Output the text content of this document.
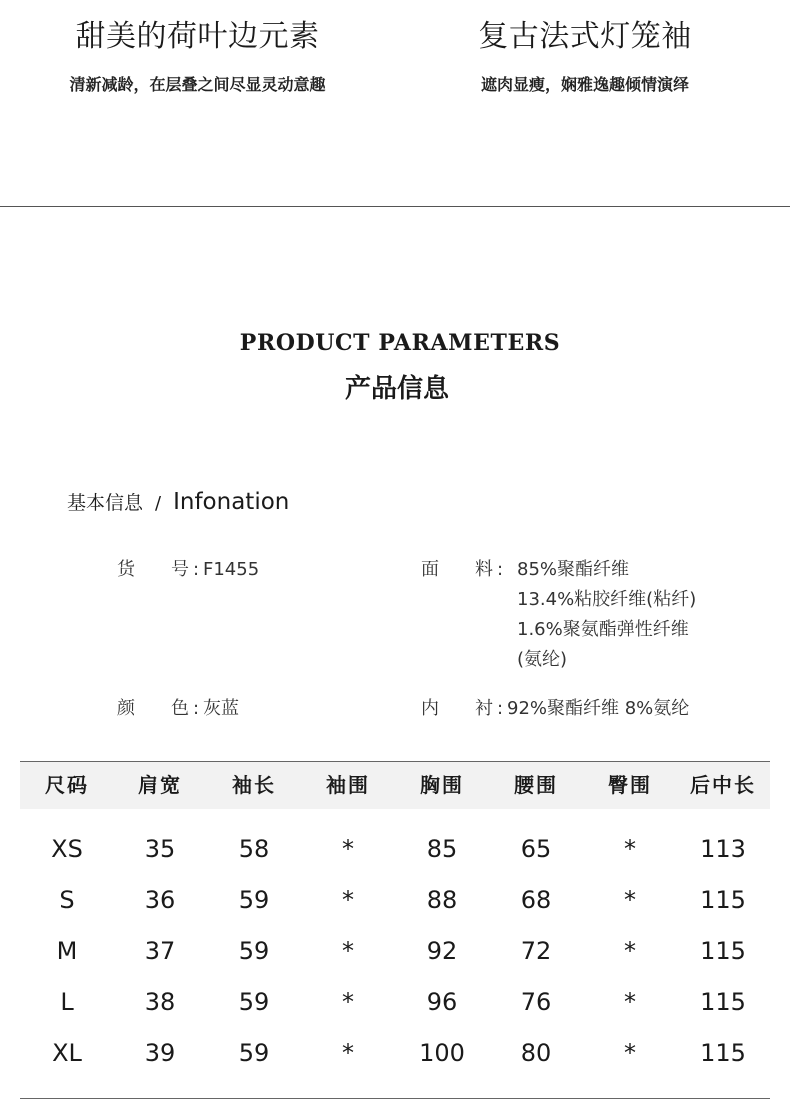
甜美的荷叶边元素
清新减龄，在层叠之间尽显灵动意趣
复古法式灯笼袖
遮肉显瘦，娴雅逸趣倾情演绎
PRODUCT PARAMETERS
产品信息
基本信息 / Infonation
货 号 : F1455
颜 色 : 灰蓝
面 料 : 85%聚酯纤维
13.4%粘胶纤维(粘纤)
1.6%聚氨酯弹性纤维
(氨纶)
内 衬 : 92%聚酯纤维 8%氨纶
尺码	肩宽	袖长	袖围	胸围	腰围	臀围	后中长
XS	35	58	*	85	65	*	113
S	36	59	*	88	68	*	115
M	37	59	*	92	72	*	115
L	38	59	*	96	76	*	115
XL	39	59	*	100	80	*	115
